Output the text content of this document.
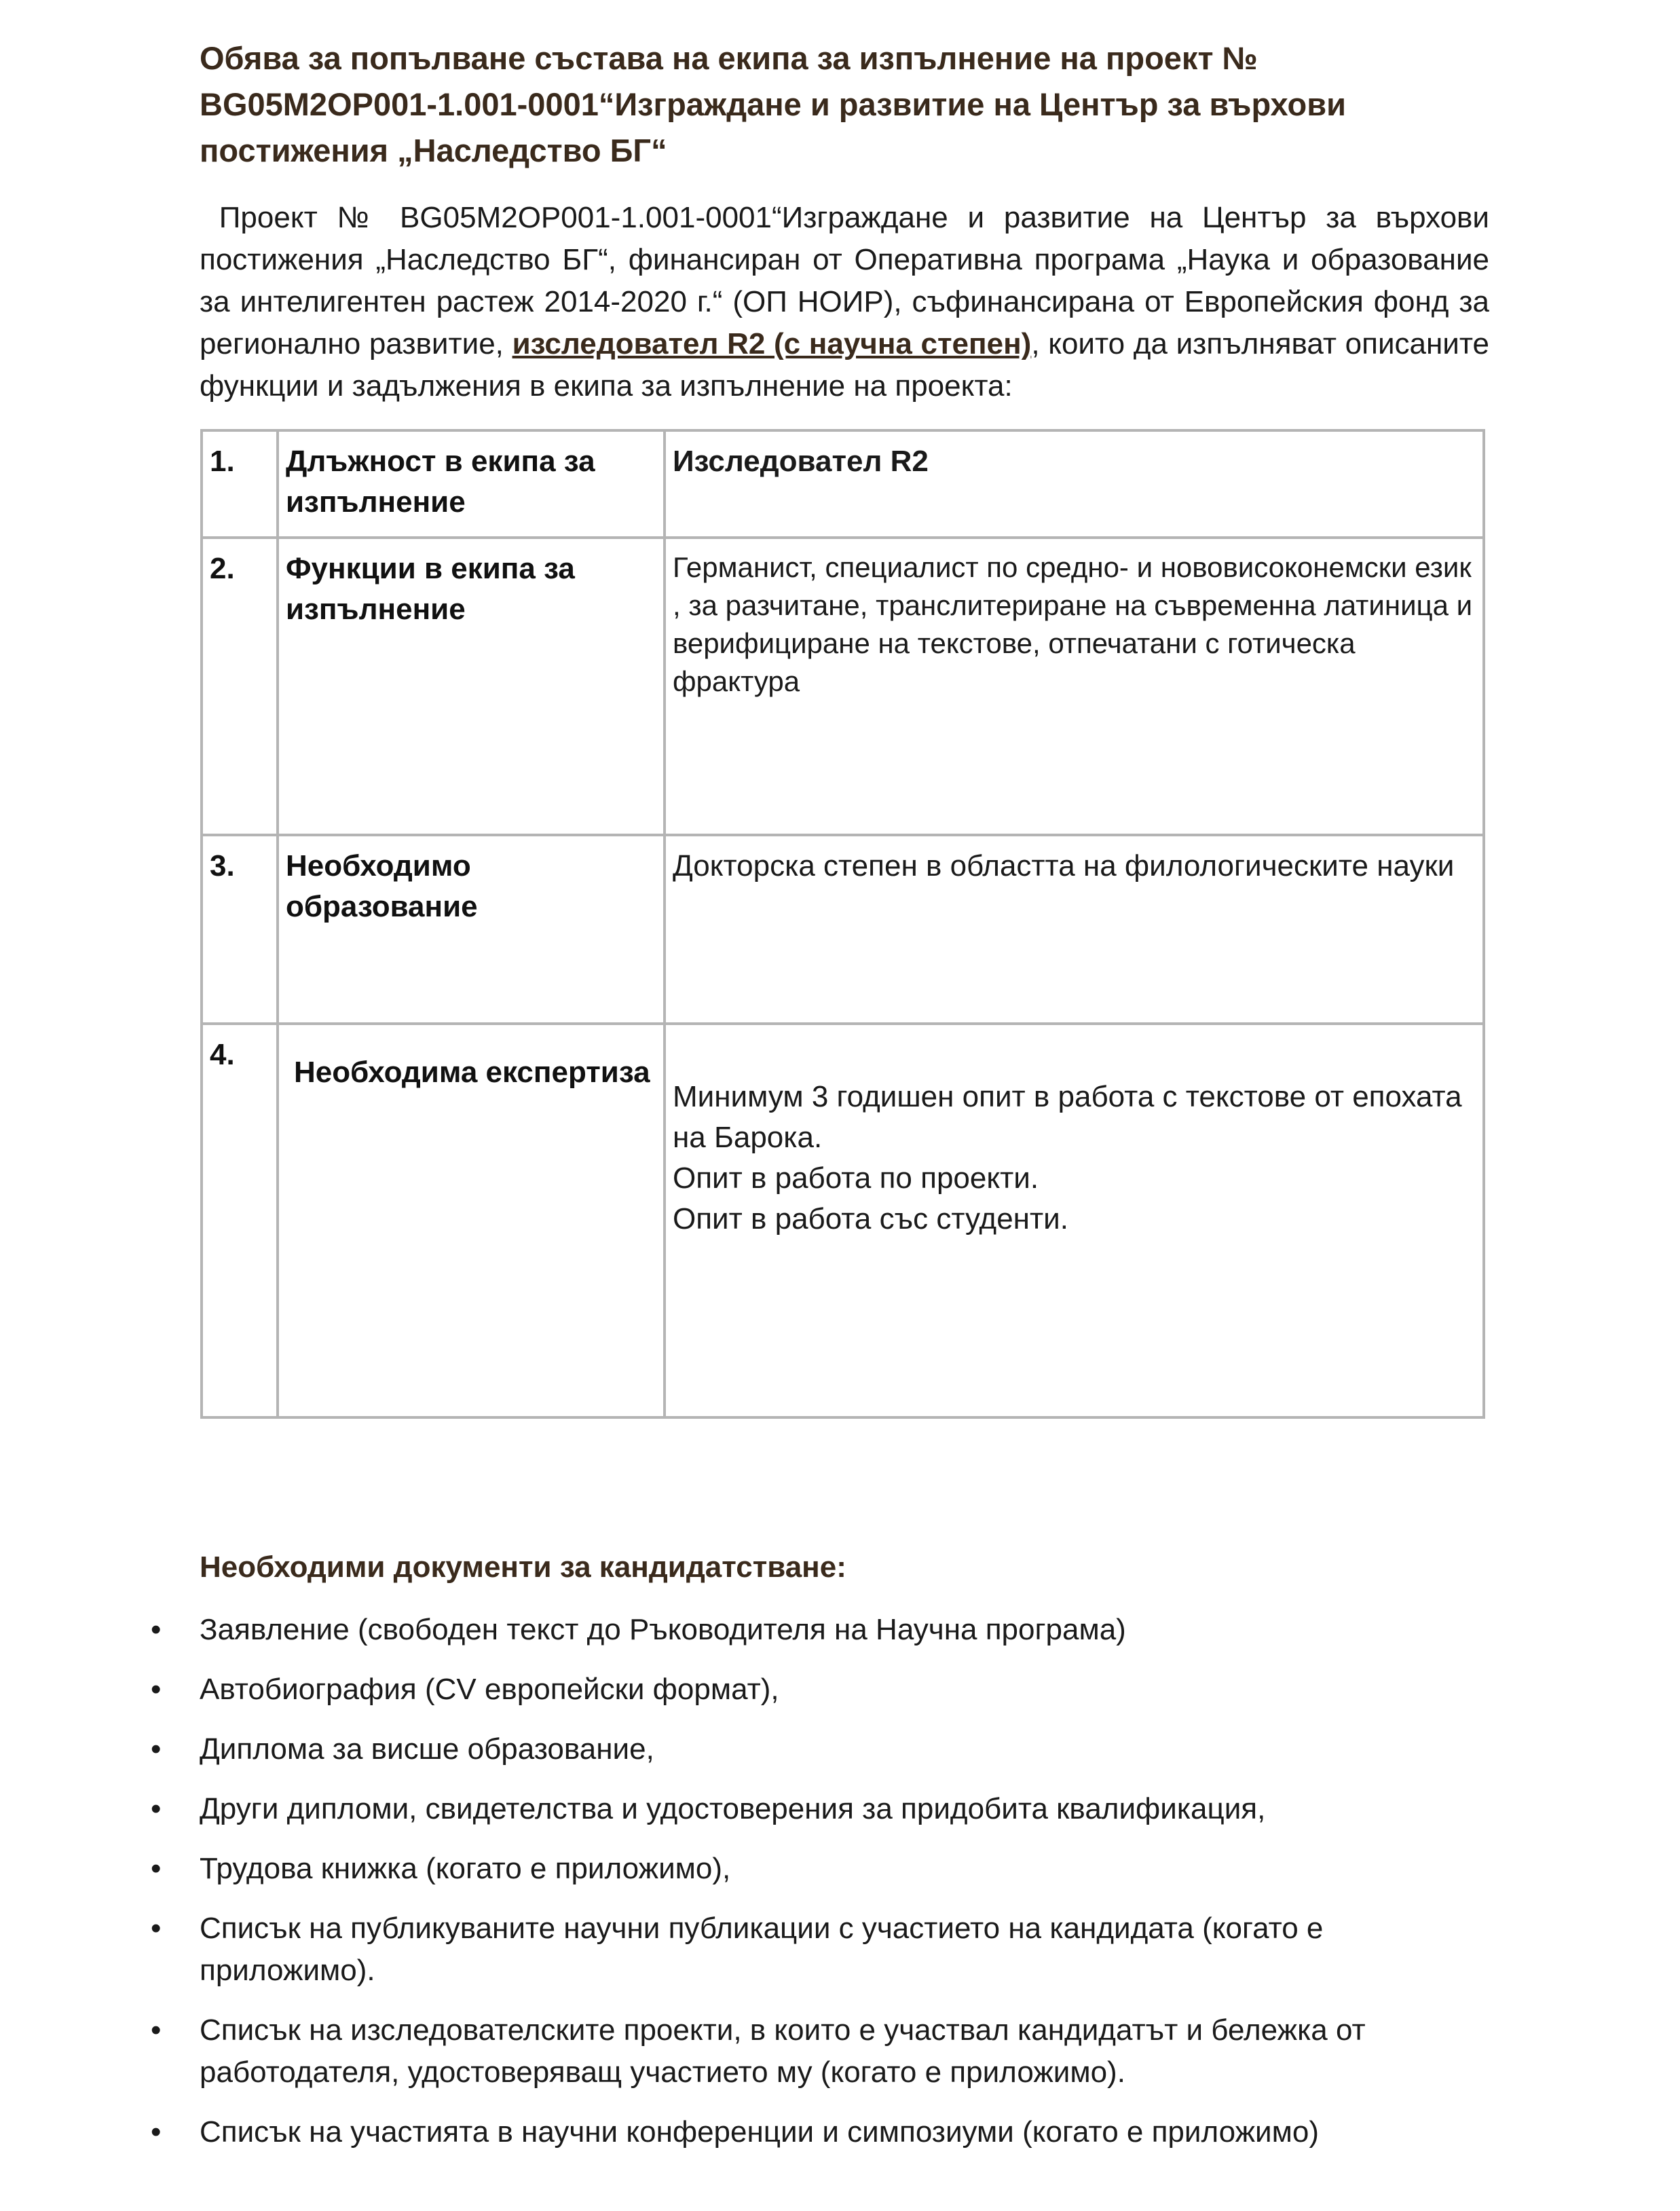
Обява за попълване състава на екипа за изпълнение на проект № BG05M2OP001-1.001-0001“Изграждане и развитие на Център за върхови постижения „Наследство БГ“
Проект № BG05M2OP001-1.001-0001“Изграждане и развитие на Център за върхови постижения „Наследство БГ“, финансиран от Оперативна програма „Наука и образование за интелигентен растеж 2014-2020 г.“ (ОП НОИР), съфинансирана от Европейския фонд за регионално развитие, изследовател R2 (с научна степен), които да изпълняват описаните функции и задължения в екипа за изпълнение на проекта:
1.	Длъжност в екипа за изпълнение	Изследовател R2
2.	Функции в екипа за изпълнение	Германист, специалист по средно- и нововисоконемски език , за разчитане, транслитериране на съвременна латиница и верифициране на текстове, отпечатани с готическа фрактура
3.	Необходимо образование	Докторска степен в областта на филологическите науки
4.	Необходима експертиза	Минимум 3 годишен опит в работа с текстове от епохата на Барока.
Опит в работа по проекти.
Опит в работа със студенти.
Необходими документи за кандидатстване:
• Заявление (свободен текст до Ръководителя на Научна програма)
• Автобиография (CV европейски формат),
• Диплома за висше образование,
• Други дипломи, свидетелства и удостоверения за придобита квалификация,
• Трудова книжка (когато е приложимо),
• Списък на публикуваните научни публикации с участието на кандидата (когато е приложимо).
• Списък на изследователските проекти, в които е участвал кандидатът и бележка от работодателя, удостоверяващ участието му (когато е приложимо).
• Списък на участията в научни конференции и симпозиуми (когато е приложимо)
